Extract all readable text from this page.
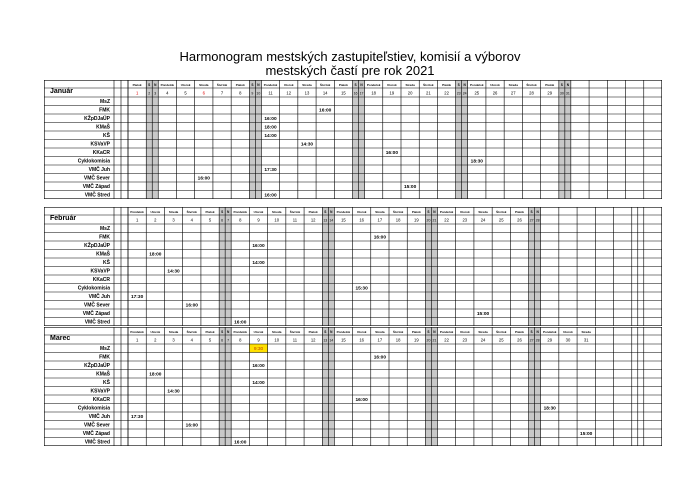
Harmonogram mestských zastupiteľstiev, komisií a výborov
mestských častí pre rok 2021
Január
Piatok
1
S
2
N
3
Pondelok
4
Utorok
5
Streda
6
Štvrtok
7
Piatok
8
S
9
N
10
Pondelok
11
Utorok
12
Streda
13
Štvrtok
14
Piatok
15
S
16
N
17
Pondelok
18
Utorok
19
Streda
20
Štvrtok
21
Piatok
22
S
23
N
24
Pondelok
25
Utorok
26
Streda
27
Štvrtok
28
Piatok
29
S
30
N
31
MsZ
FMK
KŽpDJaÚP
KMaŠ
KŠ
KSVaVP
KKaCR
Cyklokomisia
VMČ Juh
VMČ Sever
VMČ Západ
VMČ Stred
16:00
16:00
18:00
14:00
14:30
16:00
18:30
17:30
16:00
15:00
16:00
Február
Pondelok
1
Utorok
2
Streda
3
Štvrtok
4
Piatok
5
S
6
N
7
Pondelok
8
Utorok
9
Streda
10
Štvrtok
11
Piatok
12
S
13
N
14
Pondelok
15
Utorok
16
Streda
17
Štvrtok
18
Piatok
19
S
20
N
21
Pondelok
22
Utorok
23
Streda
24
Štvrtok
25
Piatok
26
S
27
N
28
MsZ
FMK
KŽpDJaÚP
KMaŠ
KŠ
KSVaVP
KKaCR
Cyklokomisia
VMČ Juh
VMČ Sever
VMČ Západ
VMČ Stred
16:00
16:00
18:00
14:00
14:30
15:30
17:30
16:00
15:00
16:00
Marec
Pondelok
1
Utorok
2
Streda
3
Štvrtok
4
Piatok
5
S
6
N
7
Pondelok
8
Utorok
9
Streda
10
Štvrtok
11
Piatok
12
S
13
N
14
Pondelok
15
Utorok
16
Streda
17
Štvrtok
18
Piatok
19
S
20
N
21
Pondelok
22
Utorok
23
Streda
24
Štvrtok
25
Piatok
26
S
27
N
28
Pondelok
29
Utorok
30
Streda
31
MsZ
FMK
KŽpDJaÚP
KMaŠ
KŠ
KSVaVP
KKaCR
Cyklokomisia
VMČ Juh
VMČ Sever
VMČ Západ
VMČ Stred
9:30
16:00
16:00
18:00
14:00
14:30
16:00
18:30
17:30
16:00
15:00
16:00
